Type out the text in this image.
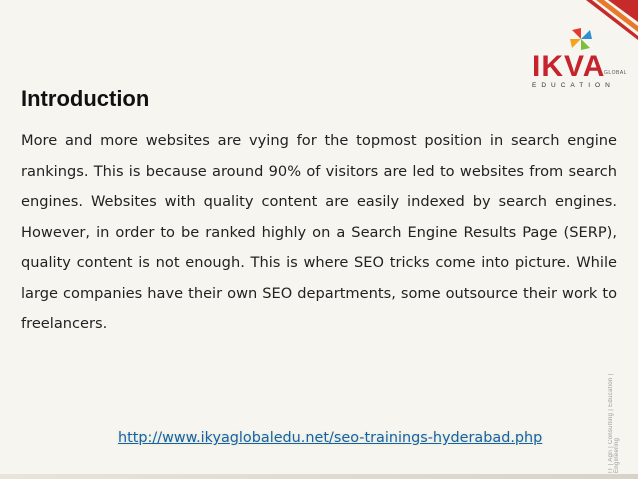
IKVA
GLOBAL
EDUCATION
Introduction

More and more websites are vying for the topmost position in search engine rankings. This is because around 90% of visitors are led to websites from search engines. Websites with quality content are easily indexed by search engines. However, in order to be ranked highly on a Search Engine Results Page (SERP), quality content is not enough. This is where SEO tricks come into picture. While large companies have their own SEO departments, some outsource their work to freelancers.

http://www.ikyaglobaledu.net/seo-trainings-hyderabad.php	IT | Agri | Consulting | Education | Engineering
